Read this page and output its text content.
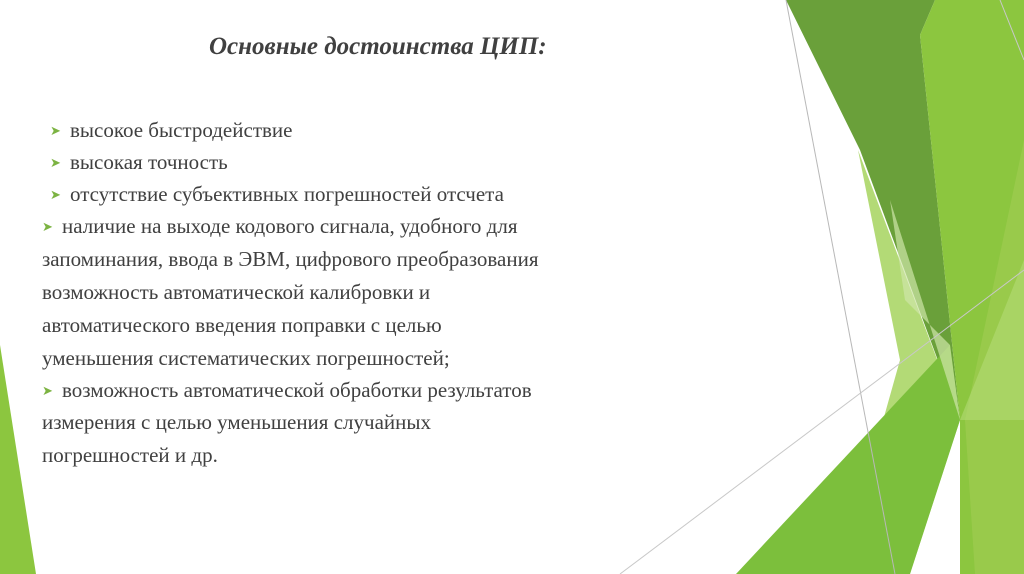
Основные достоинства ЦИП:
➤ высокое быстродействие
➤ высокая точность
➤ отсутствие субъективных погрешностей отсчета
➤ наличие на выходе кодового сигнала, удобного для
запоминания, ввода в ЭВМ, цифрового преобразования
возможность автоматической калибровки и
автоматического введения поправки с целью
уменьшения систематических погрешностей;
➤ возможность автоматической обработки результатов
измерения с целью уменьшения случайных
погрешностей и др.
